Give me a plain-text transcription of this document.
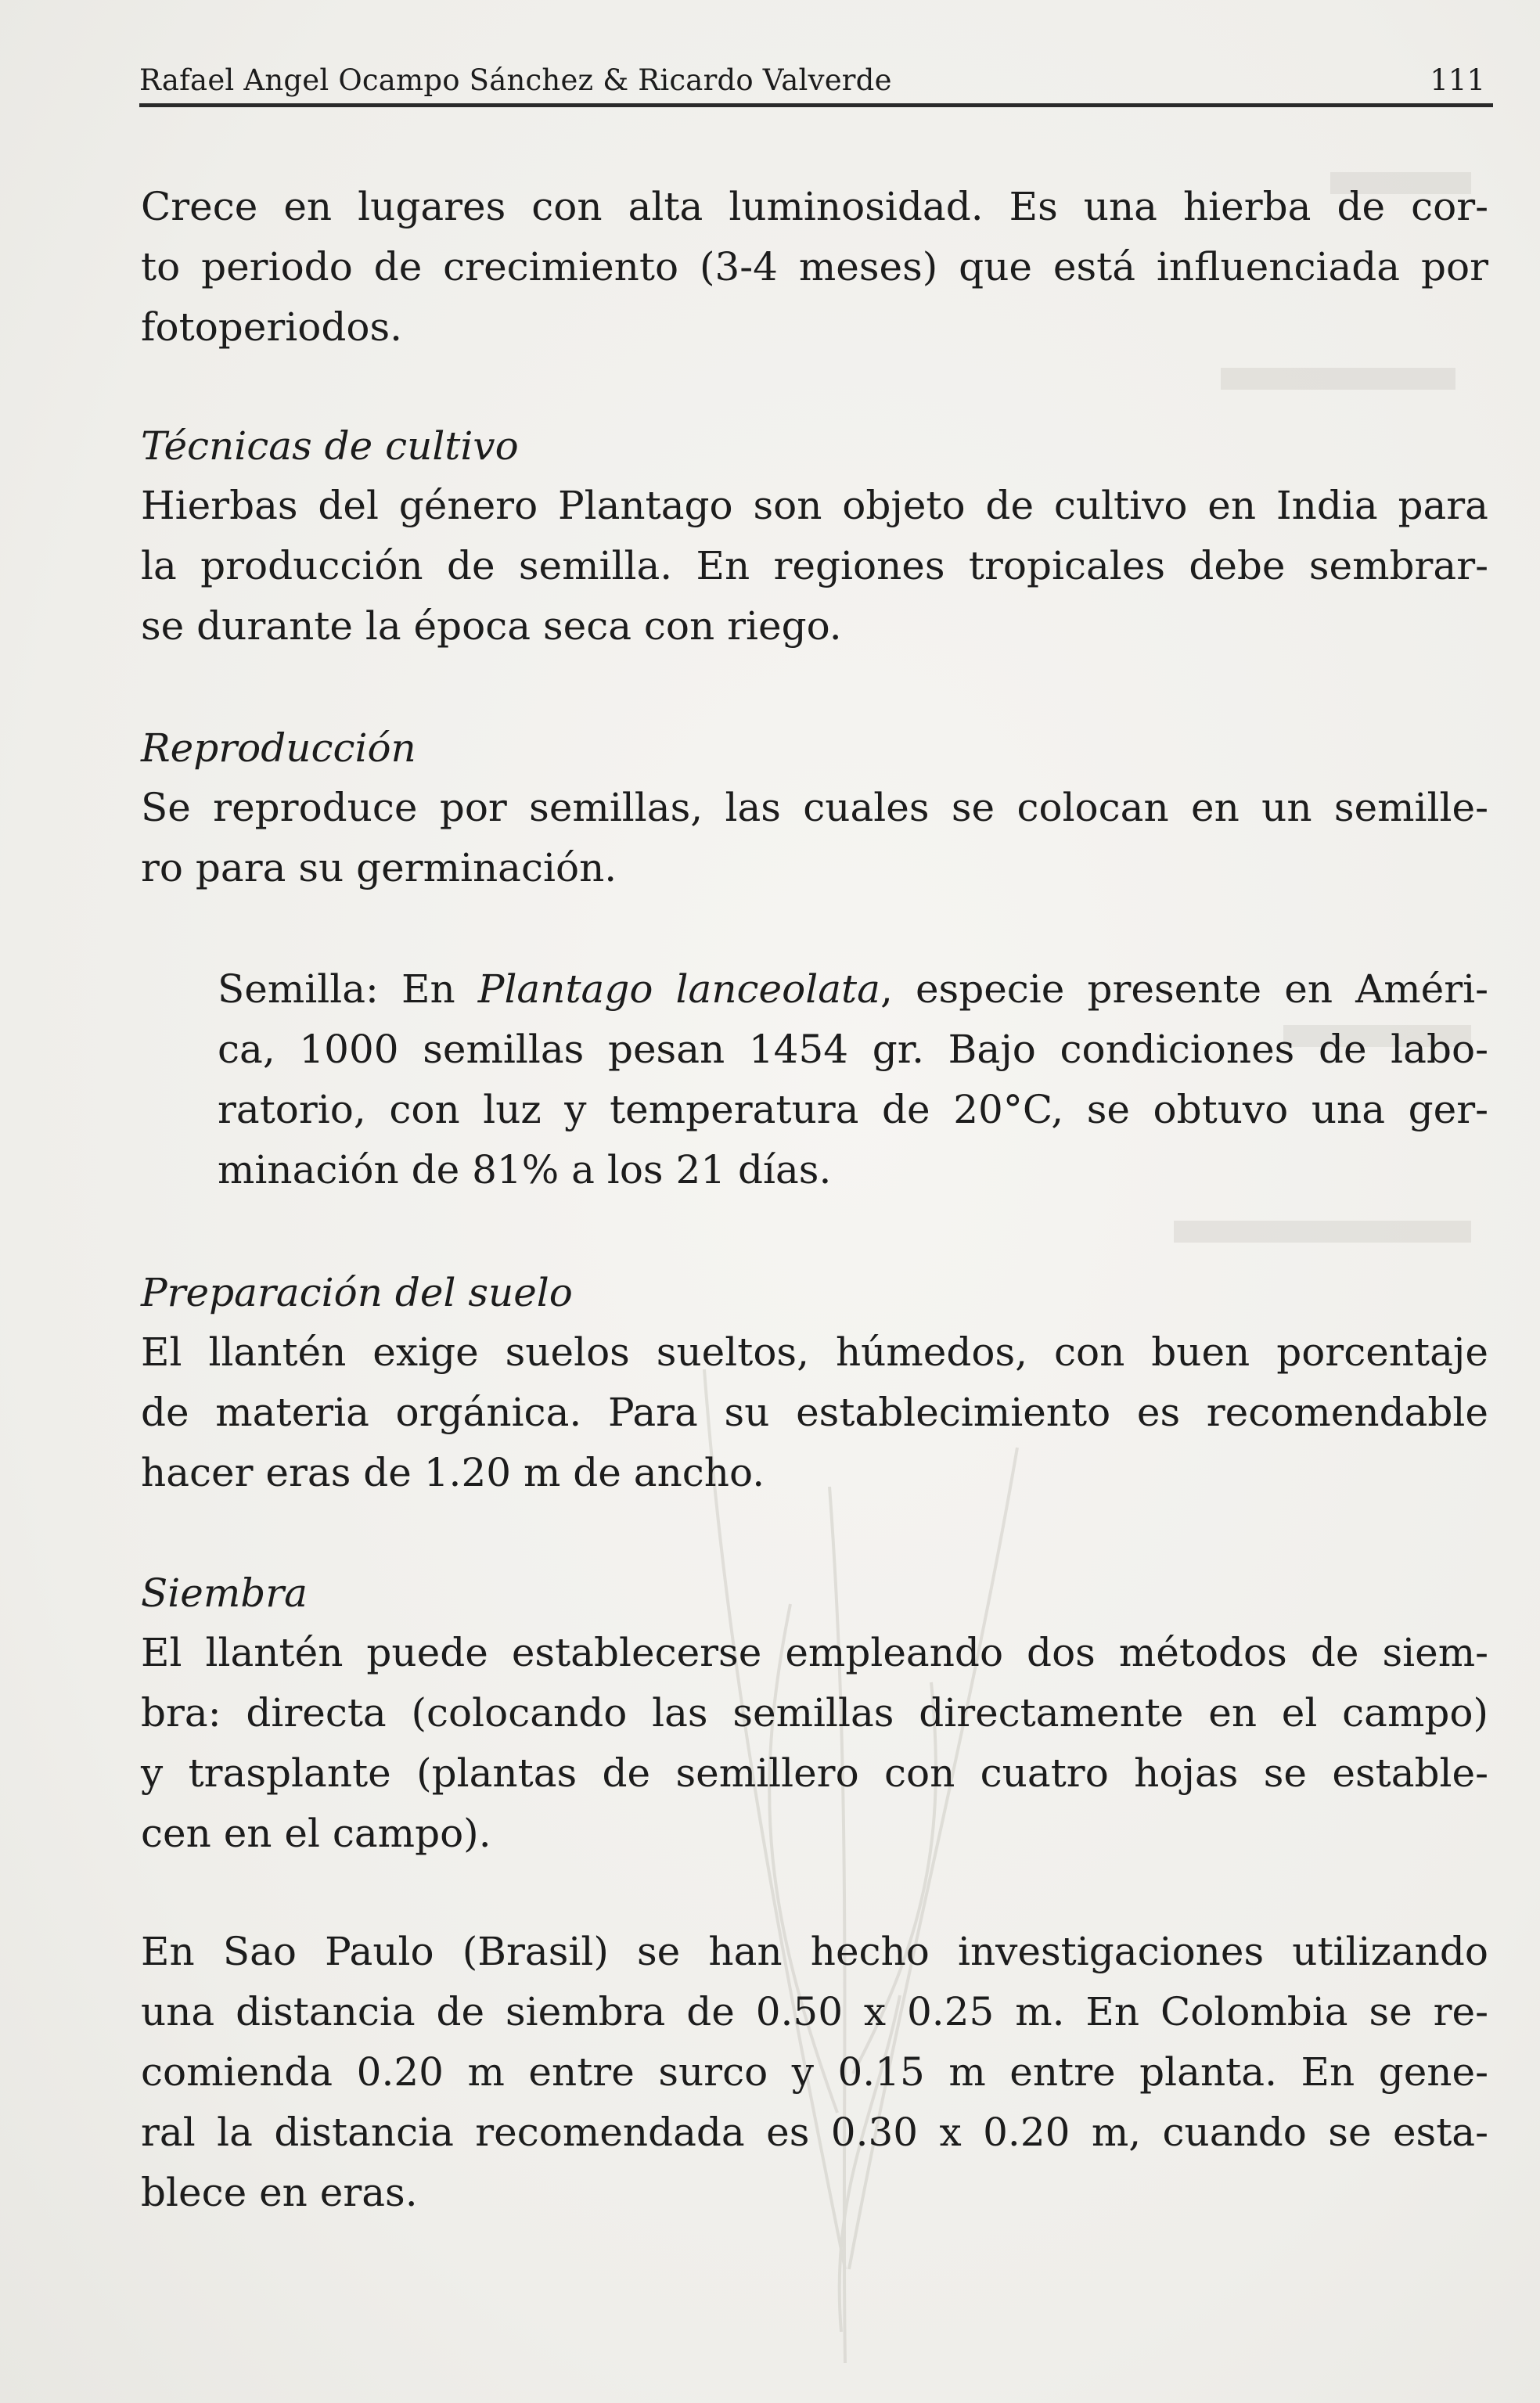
Rafael Angel Ocampo Sánchez & Ricardo Valverde	111
Crece en lugares con alta luminosidad. Es una hierba de cor-
to periodo de crecimiento (3-4 meses) que está influenciada por
fotoperiodos.
Técnicas de cultivo
Hierbas del género Plantago son objeto de cultivo en India para
la producción de semilla. En regiones tropicales debe sembrar-
se durante la época seca con riego.
Reproducción
Se reproduce por semillas, las cuales se colocan en un semille-
ro para su germinación.
Semilla: En Plantago lanceolata, especie presente en Améri-
ca, 1000 semillas pesan 1454 gr. Bajo condiciones de labo-
ratorio, con luz y temperatura de 20°C, se obtuvo una ger-
minación de 81% a los 21 días.
Preparación del suelo
El llantén exige suelos sueltos, húmedos, con buen porcentaje
de materia orgánica. Para su establecimiento es recomendable
hacer eras de 1.20 m de ancho.
Siembra
El llantén puede establecerse empleando dos métodos de siem-
bra: directa (colocando las semillas directamente en el campo)
y trasplante (plantas de semillero con cuatro hojas se estable-
cen en el campo).
En Sao Paulo (Brasil) se han hecho investigaciones utilizando
una distancia de siembra de 0.50 x 0.25 m. En Colombia se re-
comienda 0.20 m entre surco y 0.15 m entre planta. En gene-
ral la distancia recomendada es 0.30 x 0.20 m, cuando se esta-
blece en eras.
